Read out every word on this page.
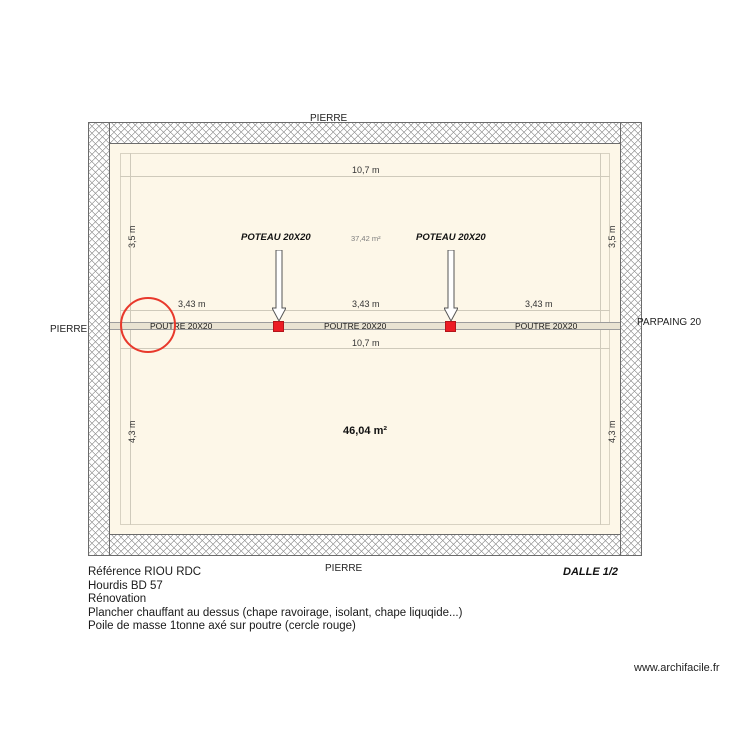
PIERRE
PIERRE
PIERRE
PARPAING 20
10,7 m
10,7 m
3,43 m	3,43 m	3,43 m
3,5 m	3,5 m
4,3 m	4,3 m
37,42 m²
46,04 m²
POTEAU 20X20	POTEAU 20X20
POUTRE 20X20	POUTRE 20X20	POUTRE 20X20
Référence RIOU RDC
Hourdis BD 57
Rénovation
Plancher chauffant au dessus (chape ravoirage, isolant, chape liquqide...)
Poile de masse 1tonne axé sur poutre (cercle rouge)
DALLE 1/2
www.archifacile.fr
